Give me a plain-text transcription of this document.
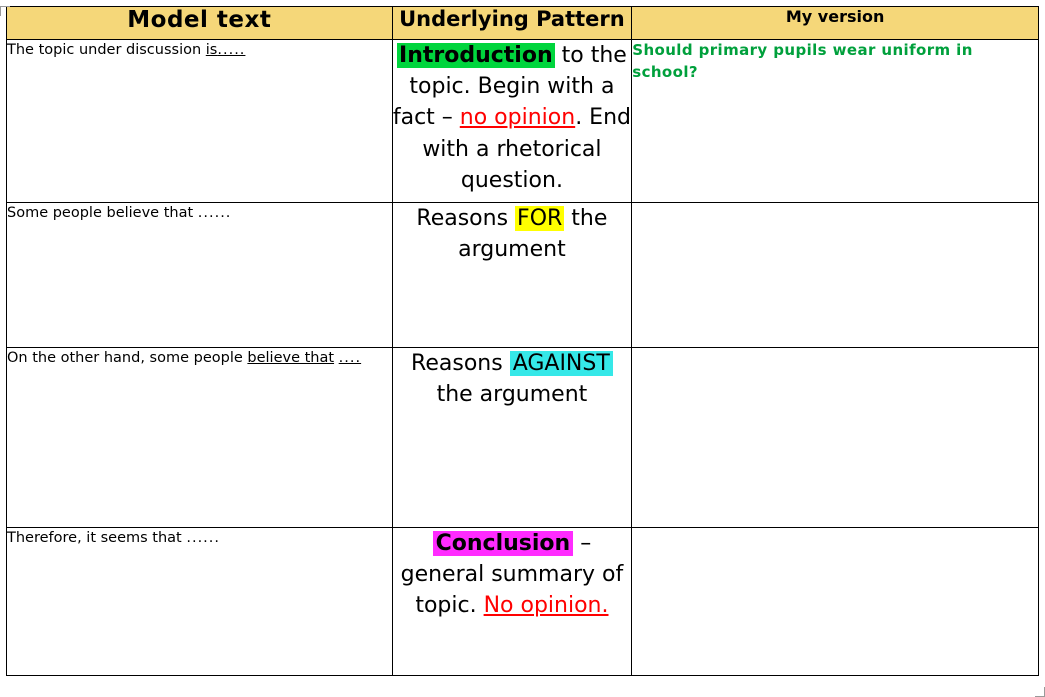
Model text	Underlying Pattern	My version
The topic under discussion is.....	Introduction to the topic. Begin with a fact – no opinion. End with a rhetorical question.	Should primary pupils wear uniform in school?
Some people believe that ......	Reasons FOR the argument	
On the other hand, some people believe that ....	Reasons AGAINST the argument	
Therefore, it seems that ......	Conclusion – general summary of topic. No opinion.	
